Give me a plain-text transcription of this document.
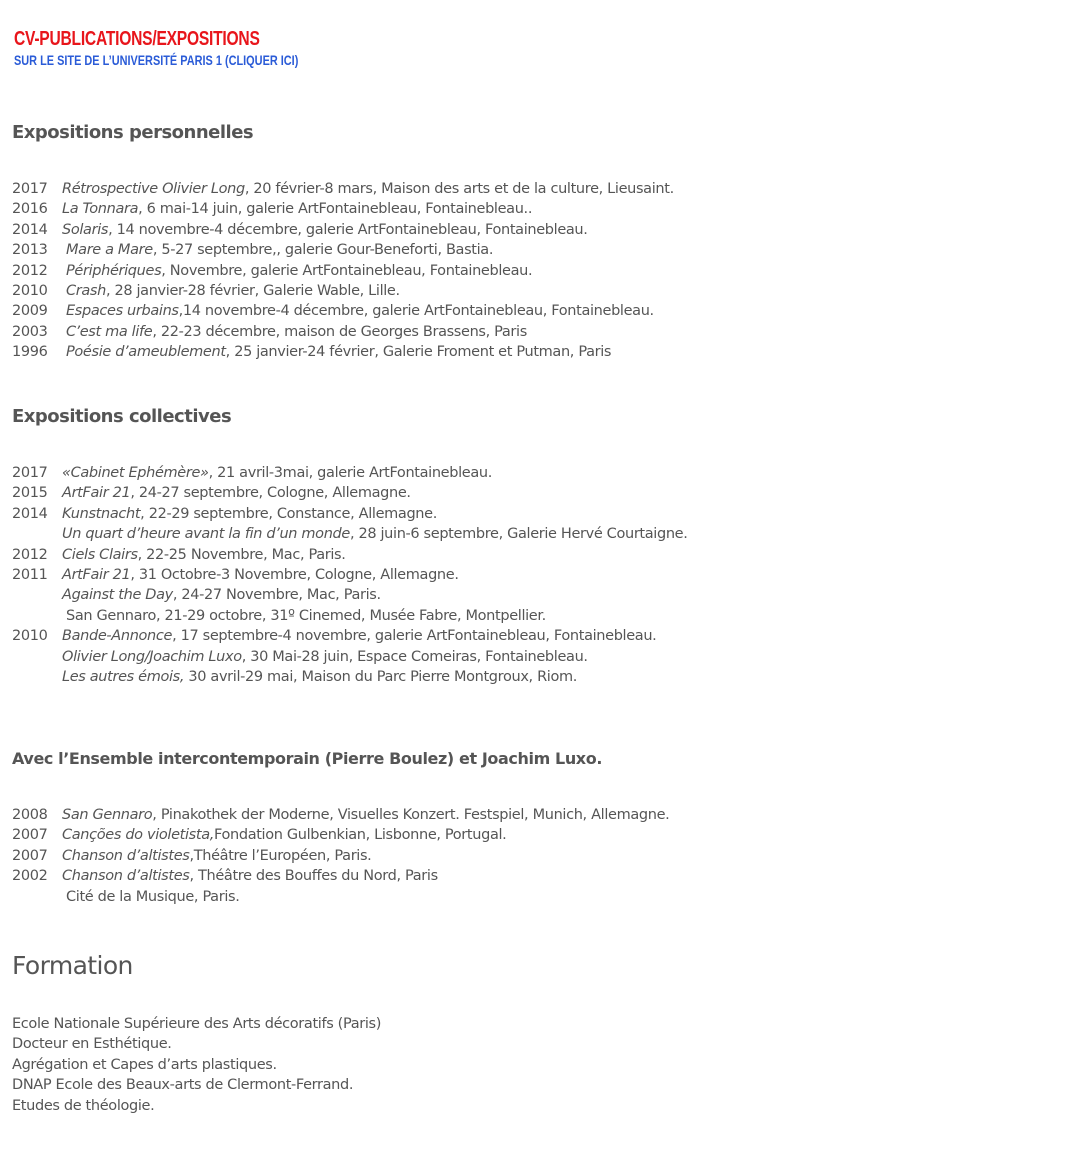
CV-PUBLICATIONS/EXPOSITIONS
SUR LE SITE DE L’UNIVERSITÉ PARIS 1 (CLIQUER ICI)
Expositions personnelles
2017 Rétrospective Olivier Long, 20 février-8 mars, Maison des arts et de la culture, Lieusaint.
2016 La Tonnara, 6 mai-14 juin, galerie ArtFontainebleau, Fontainebleau..
2014 Solaris, 14 novembre-4 décembre, galerie ArtFontainebleau, Fontainebleau.
2013	Mare a Mare, 5-27 septembre,, galerie Gour-Beneforti, Bastia.
2012	Périphériques, Novembre, galerie ArtFontainebleau, Fontainebleau.
2010	Crash, 28 janvier-28 février, Galerie Wable, Lille.
2009	Espaces urbains,14 novembre-4 décembre, galerie ArtFontainebleau, Fontainebleau.
2003	C’est ma life, 22-23 décembre, maison de Georges Brassens, Paris
1996	Poésie d’ameublement, 25 janvier-24 février, Galerie Froment et Putman, Paris
Expositions collectives
2017 «Cabinet Ephémère», 21 avril-3mai, galerie ArtFontainebleau.
2015 ArtFair 21, 24-27 septembre, Cologne, Allemagne.
2014 Kunstnacht, 22-29 septembre, Constance, Allemagne.
Un quart d’heure avant la fin d’un monde, 28 juin-6 septembre, Galerie Hervé Courtaigne.
2012 Ciels Clairs, 22-25 Novembre, Mac, Paris.
2011 ArtFair 21, 31 Octobre-3 Novembre, Cologne, Allemagne.
Against the Day, 24-27 Novembre, Mac, Paris.
San Gennaro, 21-29 octobre, 31º Cinemed, Musée Fabre, Montpellier.
2010 Bande-Annonce, 17 septembre-4 novembre, galerie ArtFontainebleau, Fontainebleau.
Olivier Long/Joachim Luxo, 30 Mai-28 juin, Espace Comeiras, Fontainebleau.
Les autres émois, 30 avril-29 mai, Maison du Parc Pierre Montgroux, Riom.
Avec l’Ensemble intercontemporain (Pierre Boulez) et Joachim Luxo.
2008 San Gennaro, Pinakothek der Moderne, Visuelles Konzert. Festspiel, Munich, Allemagne.
2007 Canções do violetista,Fondation Gulbenkian, Lisbonne, Portugal.
2007 Chanson d’altistes,Théâtre l’Européen, Paris.
2002 Chanson d’altistes, Théâtre des Bouffes du Nord, Paris
Cité de la Musique, Paris.
Formation
Ecole Nationale Supérieure des Arts décoratifs (Paris)
Docteur en Esthétique.
Agrégation et Capes d’arts plastiques.
DNAP Ecole des Beaux-arts de Clermont-Ferrand.
Etudes de théologie.
